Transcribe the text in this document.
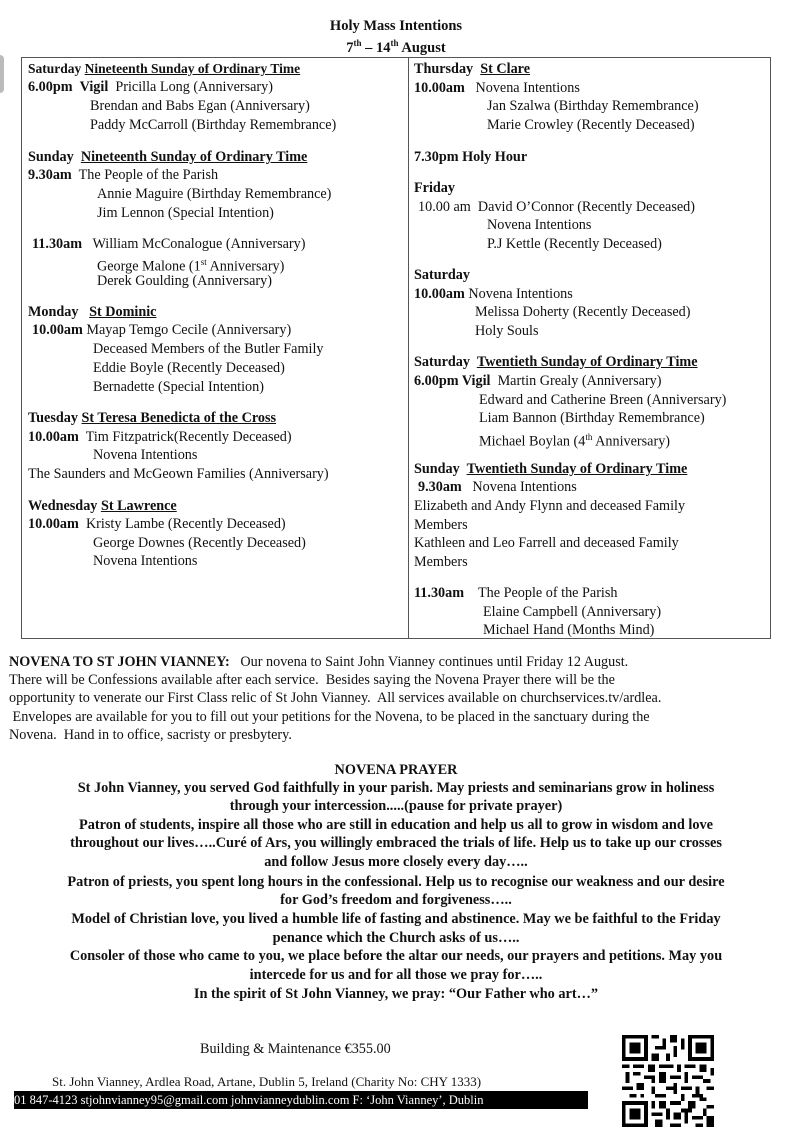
Holy Mass Intentions
7th – 14th August
Saturday Nineteenth Sunday of Ordinary Time
6.00pm Vigil Pricilla Long (Anniversary)
Brendan and Babs Egan (Anniversary)
Paddy McCarroll (Birthday Remembrance)
Sunday Nineteenth Sunday of Ordinary Time
9.30am The People of the Parish
Annie Maguire (Birthday Remembrance)
Jim Lennon (Special Intention)
11.30am William McConalogue (Anniversary)
George Malone (1st Anniversary)
Derek Goulding (Anniversary)
Monday St Dominic
10.00am Mayap Temgo Cecile (Anniversary)
Deceased Members of the Butler Family
Eddie Boyle (Recently Deceased)
Bernadette (Special Intention)
Tuesday St Teresa Benedicta of the Cross
10.00am Tim Fitzpatrick(Recently Deceased)
Novena Intentions
The Saunders and McGeown Families (Anniversary)
Wednesday St Lawrence
10.00am Kristy Lambe (Recently Deceased)
George Downes (Recently Deceased)
Novena Intentions
Thursday St Clare
10.00am Novena Intentions
Jan Szalwa (Birthday Remembrance)
Marie Crowley (Recently Deceased)
7.30pm Holy Hour
Friday
10.00 am David O’Connor (Recently Deceased)
Novena Intentions
P.J Kettle (Recently Deceased)
Saturday
10.00am Novena Intentions
Melissa Doherty (Recently Deceased)
Holy Souls
Saturday Twentieth Sunday of Ordinary Time
6.00pm Vigil Martin Grealy (Anniversary)
Edward and Catherine Breen (Anniversary)
Liam Bannon (Birthday Remembrance)
Michael Boylan (4th Anniversary)
Sunday Twentieth Sunday of Ordinary Time
9.30am Novena Intentions
Elizabeth and Andy Flynn and deceased Family
Members
Kathleen and Leo Farrell and deceased Family
Members
11.30am The People of the Parish
Elaine Campbell (Anniversary)
Michael Hand (Months Mind)
NOVENA TO ST JOHN VIANNEY: Our novena to Saint John Vianney continues until Friday 12 August.
There will be Confessions available after each service.  Besides saying the Novena Prayer there will be the
opportunity to venerate our First Class relic of St John Vianney.  All services available on churchservices.tv/ardlea.
Envelopes are available for you to fill out your petitions for the Novena, to be placed in the sanctuary during the
Novena.  Hand in to office, sacristy or presbytery.
NOVENA PRAYER
St John Vianney, you served God faithfully in your parish. May priests and seminarians grow in holiness
through your intercession.....(pause for private prayer)
Patron of students, inspire all those who are still in education and help us all to grow in wisdom and love
throughout our lives…..Curé of Ars, you willingly embraced the trials of life. Help us to take up our crosses
and follow Jesus more closely every day…..
Patron of priests, you spent long hours in the confessional. Help us to recognise our weakness and our desire
for God’s freedom and forgiveness…..
Model of Christian love, you lived a humble life of fasting and abstinence. May we be faithful to the Friday
penance which the Church asks of us…..
Consoler of those who came to you, we place before the altar our needs, our prayers and petitions. May you
intercede for us and for all those we pray for…..
In the spirit of St John Vianney, we pray: “Our Father who art…”
Building & Maintenance €355.00
St. John Vianney, Ardlea Road, Artane, Dublin 5, Ireland (Charity No: CHY 1333)
01 847-4123 stjohnvianney95@gmail.com johnvianneydublin.com F: ‘John Vianney’, Dublin
